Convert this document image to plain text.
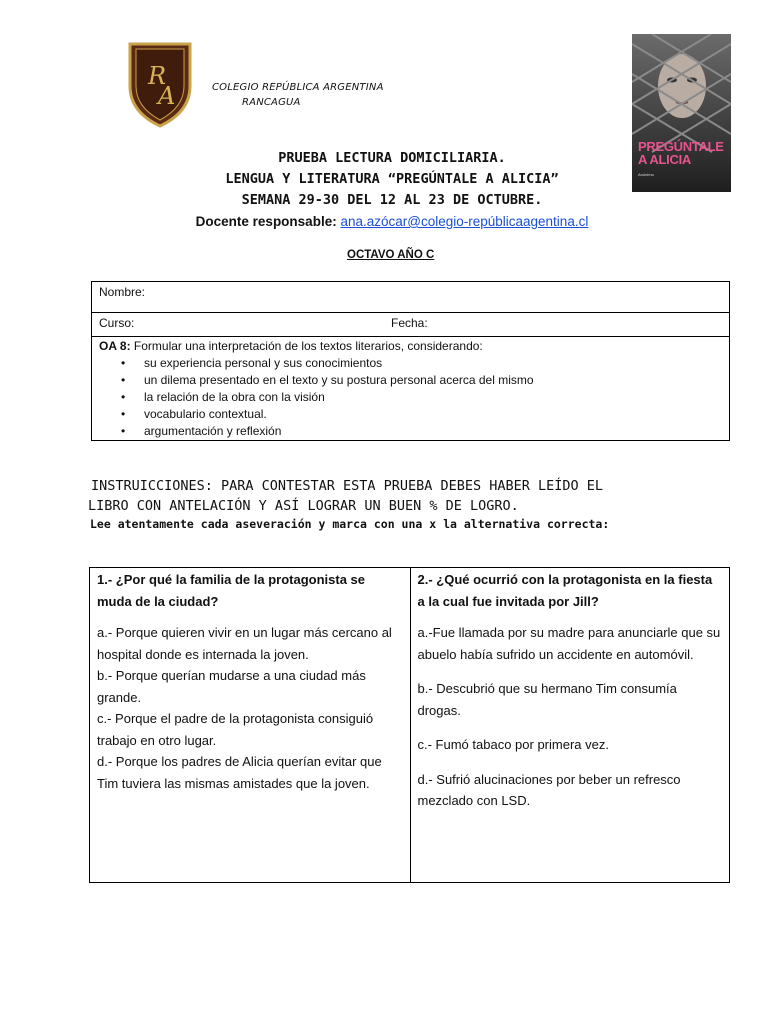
R
A	COLEGIO REPÚBLICA ARGENTINA
RANCAGUA
PREGÚNTALE A ALICIA
Anónimo
PRUEBA LECTURA DOMICILIARIA.
LENGUA Y LITERATURA “PREGÚNTALE A ALICIA”
SEMANA 29-30 DEL 12 AL 23 DE OCTUBRE.
Docente responsable: ana.azócar@colegio-repúblicaagentina.cl
OCTAVO AÑO C
Nombre:
Curso:	Fecha:
OA 8: Formular una interpretación de los textos literarios, considerando:
• su experiencia personal y sus conocimientos
• un dilema presentado en el texto y su postura personal acerca del mismo
• la relación de la obra con la visión
• vocabulario contextual.
• argumentación y reflexión
INSTRUICCIONES: PARA CONTESTAR ESTA PRUEBA DEBES HABER LEÍDO EL
LIBRO CON ANTELACIÓN Y ASÍ LOGRAR UN BUEN % DE LOGRO.
Lee atentamente cada aseveración y marca con una x la alternativa correcta:
1.- ¿Por qué la familia de la protagonista se muda de la ciudad?
a.- Porque quieren vivir en un lugar más cercano al hospital donde es internada la joven.
b.- Porque querían mudarse a una ciudad más grande.
c.- Porque el padre de la protagonista consiguió trabajo en otro lugar.
d.- Porque los padres de Alicia querían evitar que Tim tuviera las mismas amistades que la joven.
2.- ¿Qué ocurrió con la protagonista en la fiesta a la cual fue invitada por Jill?
a.-Fue llamada por su madre para anunciarle que su abuelo había sufrido un accidente en automóvil.
b.- Descubrió que su hermano Tim consumía drogas.
c.- Fumó tabaco por primera vez.
d.- Sufrió alucinaciones por beber un refresco mezclado con LSD.
